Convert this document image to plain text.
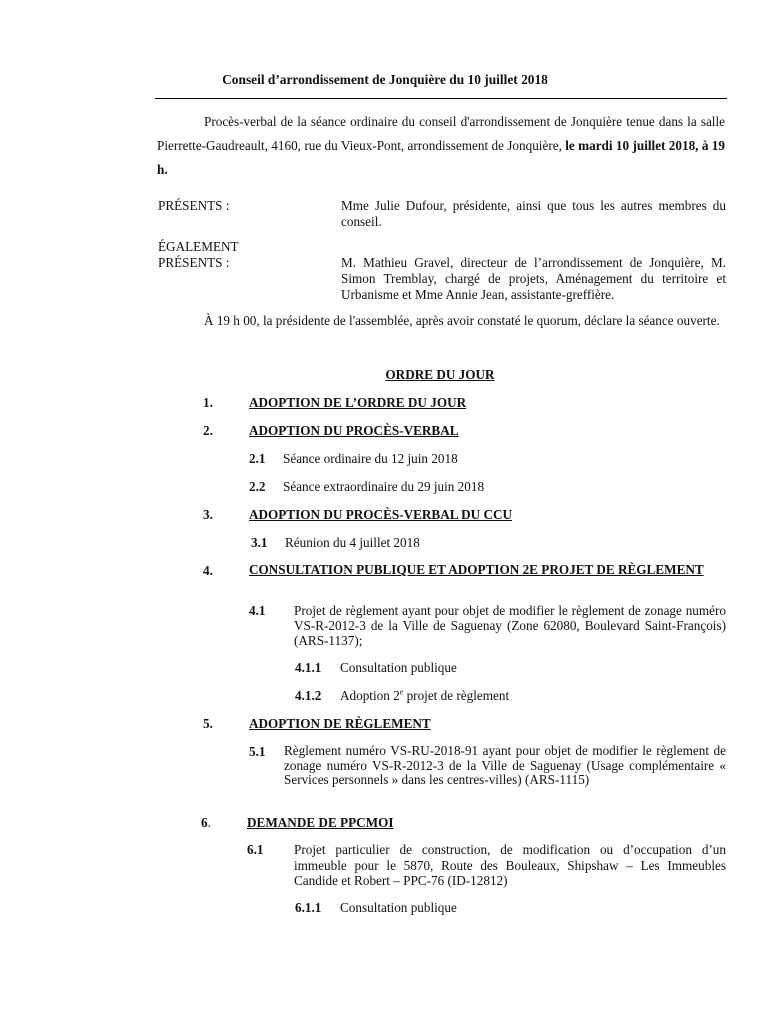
Conseil d’arrondissement de Jonquière du 10 juillet 2018
Procès-verbal de la séance ordinaire du conseil d'arrondissement de Jonquière tenue dans la salle Pierrette-Gaudreault, 4160, rue du Vieux-Pont, arrondissement de Jonquière, le mardi 10 juillet 2018, à 19 h.
PRÉSENTS :	Mme Julie Dufour, présidente, ainsi que tous les autres membres du conseil.
ÉGALEMENT
PRÉSENTS :	M. Mathieu Gravel, directeur de l’arrondissement de Jonquière, M. Simon Tremblay, chargé de projets, Aménagement du territoire et Urbanisme et Mme Annie Jean, assistante-greffière.
À 19 h 00, la présidente de l'assemblée, après avoir constaté le quorum, déclare la séance ouverte.
ORDRE DU JOUR
1.	ADOPTION DE L’ORDRE DU JOUR
2.	ADOPTION DU PROCÈS-VERBAL
2.1 Séance ordinaire du 12 juin 2018
2.2 Séance extraordinaire du 29 juin 2018
3.	ADOPTION DU PROCÈS-VERBAL DU CCU
3.1 Réunion du 4 juillet 2018
4.	CONSULTATION PUBLIQUE ET ADOPTION 2E PROJET DE RÈGLEMENT
4.1 Projet de règlement ayant pour objet de modifier le règlement de zonage numéro VS-R-2012-3 de la Ville de Saguenay (Zone 62080, Boulevard Saint-François) (ARS-1137);
4.1.1 Consultation publique
4.1.2 Adoption 2e projet de règlement
5.	ADOPTION DE RÈGLEMENT
5.1 Règlement numéro VS-RU-2018-91 ayant pour objet de modifier le règlement de zonage numéro VS-R-2012-3 de la Ville de Saguenay (Usage complémentaire « Services personnels » dans les centres-villes) (ARS-1115)
6.	DEMANDE DE PPCMOI
6.1 Projet particulier de construction, de modification ou d’occupation d’un immeuble pour le 5870, Route des Bouleaux, Shipshaw – Les Immeubles Candide et Robert – PPC-76 (ID-12812)
6.1.1 Consultation publique
